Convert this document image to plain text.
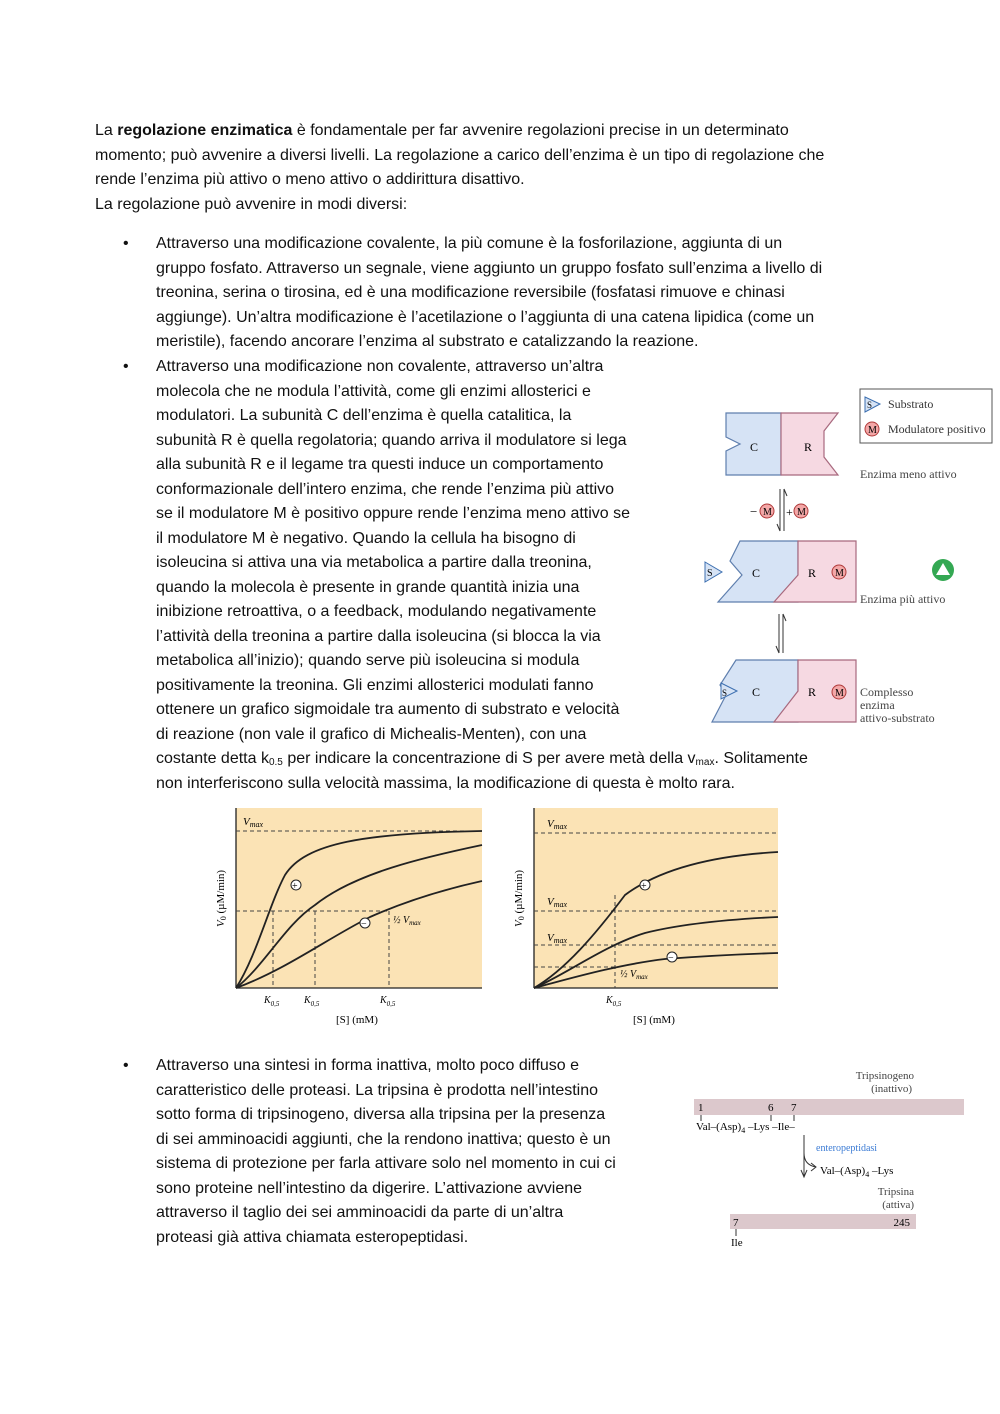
La regolazione enzimatica è fondamentale per far avvenire regolazioni precise in un determinato
momento; può avvenire a diversi livelli. La regolazione a carico dell’enzima è un tipo di regolazione che
rende l’enzima più attivo o meno attivo o addirittura disattivo.
La regolazione può avvenire in modi diversi:
• Attraverso una modificazione covalente, la più comune è la fosforilazione, aggiunta di un
gruppo fosfato. Attraverso un segnale, viene aggiunto un gruppo fosfato sull’enzima a livello di
treonina, serina o tirosina, ed è una modificazione reversibile (fosfatasi rimuove e chinasi
aggiunge). Un’altra modificazione è l’acetilazione o l’aggiunta di una catena lipidica (come un
meristile), facendo ancorare l’enzima al substrato e catalizzando la reazione.
• Attraverso una modificazione non covalente, attraverso un’altra
molecola che ne modula l’attività, come gli enzimi allosterici e
modulatori. La subunità C dell’enzima è quella catalitica, la
subunità R è quella regolatoria; quando arriva il modulatore si lega
alla subunità R e il legame tra questi induce un comportamento
conformazionale dell’intero enzima, che rende l’enzima più attivo
se il modulatore M è positivo oppure rende l’enzima meno attivo se
il modulatore M è negativo. Quando la cellula ha bisogno di
isoleucina si attiva una via metabolica a partire dalla treonina,
quando la molecola è presente in grande quantità inizia una
inibizione retroattiva, o a feedback, modulando negativamente
l’attività della treonina a partire dalla isoleucina (si blocca la via
metabolica all’inizio); quando serve più isoleucina si modula
positivamente la treonina. Gli enzimi allosterici modulati fanno
ottenere un grafico sigmoidale tra aumento di substrato e velocità
di reazione (non vale il grafico di Michealis-Menten), con una
costante detta $k_{0.5}$ per indicare la concentrazione di S per avere metà della $v_{max}$. Solitamente
non interferiscono sulla velocità massima, la modificazione di questa è molto rara.
S Substrato
M Modulatore positivo
C	R
Enzima meno attivo
− M + M
S	C	R M
Enzima più attivo
S C	R M Complesso
enzima
attivo-substrato
+
−
Vmax
½ $V_{max}$
V0 (µM/min)
$K_{0,5}$ $K_{0,5}$	$K_{0,5}$
[S] (mM)
+
−
Vmax
Vmax
Vmax
½ $V_{max}$
V0 (µM/min)
$K_{0,5}$
[S] (mM)
• Attraverso una sintesi in forma inattiva, molto poco diffuso e
caratteristico delle proteasi. La tripsina è prodotta nell’intestino
sotto forma di tripsinogeno, diversa alla tripsina per la presenza
di sei amminoacidi aggiunti, che la rendono inattiva; questo è un
sistema di protezione per farla attivare solo nel momento in cui ci
sono proteine nell’intestino da digerire. L’attivazione avviene
attraverso il taglio dei sei amminoacidi da parte di un’altra
proteasi già attiva chiamata esteropeptidasi.
Tripsinogeno
(inattivo)
1	6 7
Val–$(Asp)_4$ –Lys –Ile–
enteropeptidasi
Val–$(Asp)_4$ –Lys
Tripsina
(attiva)
7	245
Ile
